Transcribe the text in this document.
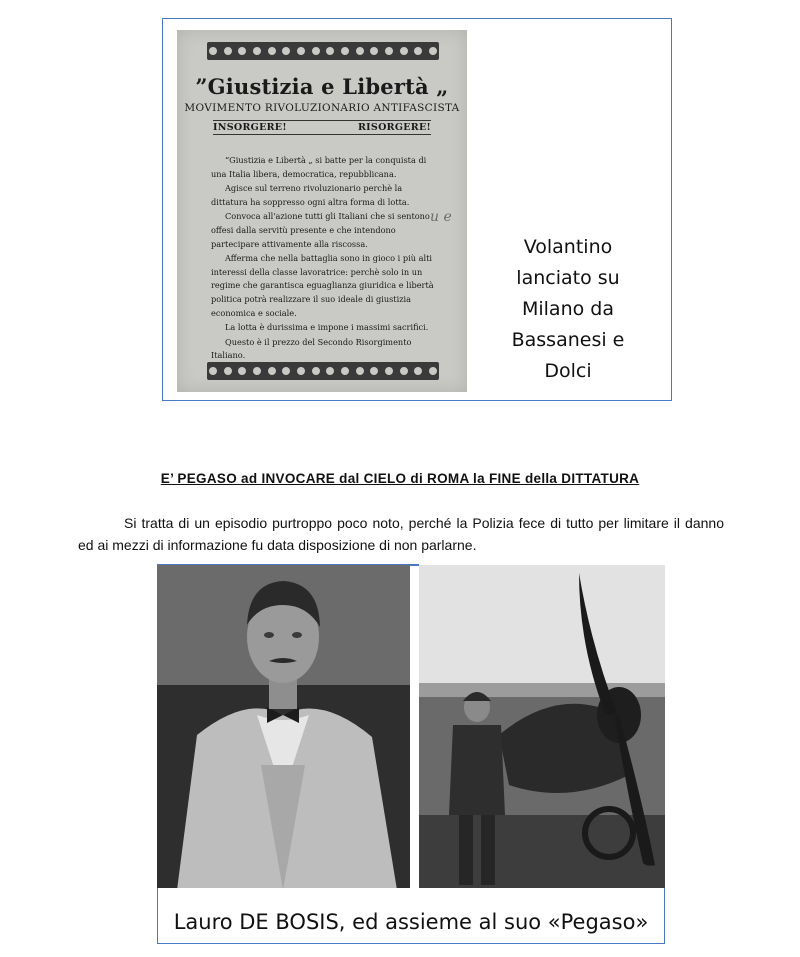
”Giustizia e Libertà „
MOVIMENTO RIVOLUZIONARIO ANTIFASCISTA
INSORGERE!	RISORGERE!

“Giustizia e Libertà „ si batte per la conquista di una Italia libera, democratica, repubblicana.

Agisce sul terreno rivoluzionario perchè la dittatura ha soppresso ogni altra forma di lotta.

Convoca all'azione tutti gli Italiani che si sentono offesi dalla servitù presente e che intendono partecipare attivamente alla riscossa.

Afferma che nella battaglia sono in gioco i più alti interessi della classe lavoratrice: perchè solo in un regime che garantisca eguaglianza giuridica e libertà politica potrà realizzare il suo ideale di giustizia economica e sociale.

La lotta è durissima e impone i massimi sacrifici.

Questo è il prezzo del Secondo Risorgimento Italiano.

u e
Volantino lanciato su Milano da Bassanesi e Dolci
E’ PEGASO ad INVOCARE dal CIELO di ROMA la FINE della DITTATURA
Si tratta di un episodio purtroppo poco noto, perché la Polizia fece di tutto per limitare il danno ed ai mezzi di informazione fu data disposizione di non parlarne.
Lauro DE BOSIS, ed assieme al suo «Pegaso»
